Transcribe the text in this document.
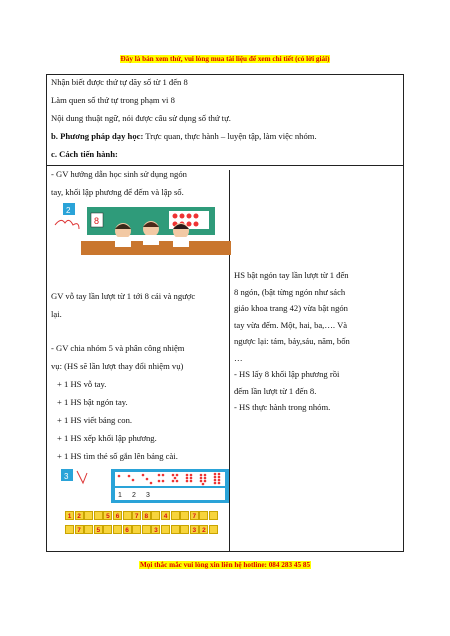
Đây là bản xem thử, vui lòng mua tài liệu để xem chi tiết (có lời giải)
Nhận biết được thứ tự dãy số từ 1 đến 8
Làm quen số thứ tự trong phạm vi 8
Nội dung thuật ngữ, nói được câu sử dụng số thứ tự.
b. Phương pháp dạy học: Trực quan, thực hành – luyện tập, làm việc nhóm.
c. Cách tiến hành:
- GV hướng dẫn học sinh sử dụng ngón
tay, khối lập phương để đếm và lập số.
2
8
GV vỗ tay lần lượt từ 1 tới 8 cái và ngược
lại.
- GV chia nhóm 5 và phân công nhiệm
vụ: (HS sẽ lần lượt thay đổi nhiệm vụ)
+ 1 HS vỗ tay.
+ 1 HS bật ngón tay.
+ 1 HS viết bảng con.
+ 1 HS xếp khối lập phương.
+ 1 HS tìm thẻ số gắn lên bảng cài.
3
1 2 3
1 2	5 6	7 8	4	7
7	5	6	3	3 2
HS bật ngón tay lần lượt từ 1 đến
8 ngón, (bật từng ngón như sách
giáo khoa trang 42) vừa bật ngón
tay vừa đếm. Một, hai, ba,…. Và
ngược lại: tám, bảy,sáu, năm, bốn
…
- HS lấy 8 khối lập phương rồi
đếm lần lượt từ 1 đến 8.
- HS thực hành trong nhóm.
Mọi thắc mắc vui lòng xin liên hệ hotline: 084 283 45 85
